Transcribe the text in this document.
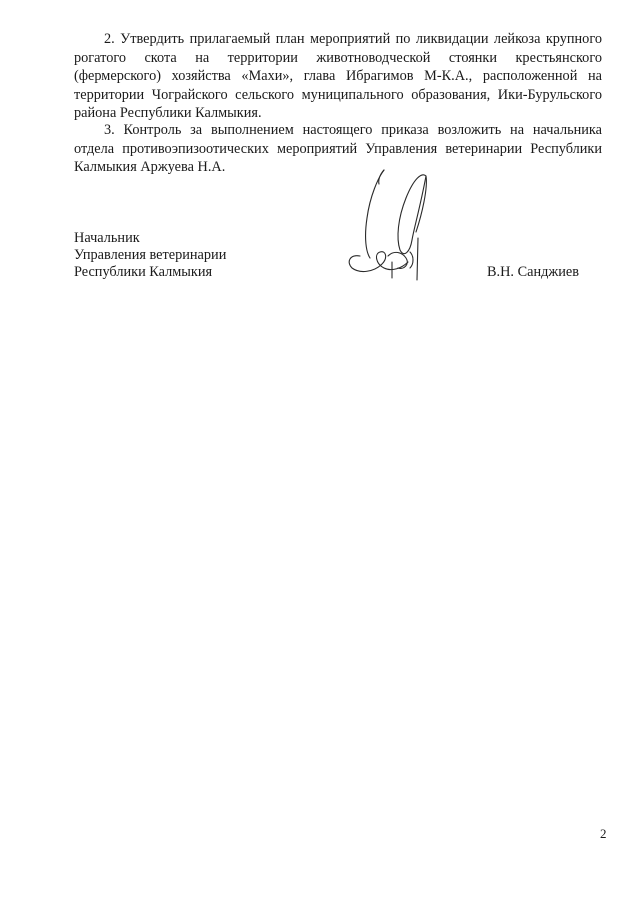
2. Утвердить прилагаемый план мероприятий по ликвидации лейкоза крупного рогатого скота на территории животноводческой стоянки крестьянского (фермерского) хозяйства «Махи», глава Ибрагимов М-К.А., расположенной на территории Чограйского сельского муниципального образования, Ики-Бурульского района Республики Калмыкия.

3. Контроль за выполнением настоящего приказа возложить на начальника отдела противоэпизоотических мероприятий Управления ветеринарии Республики Калмыкия Аржуева Н.А.

Начальник
Управления ветеринарии
Республики Калмыкия	В.Н. Санджиев
2
